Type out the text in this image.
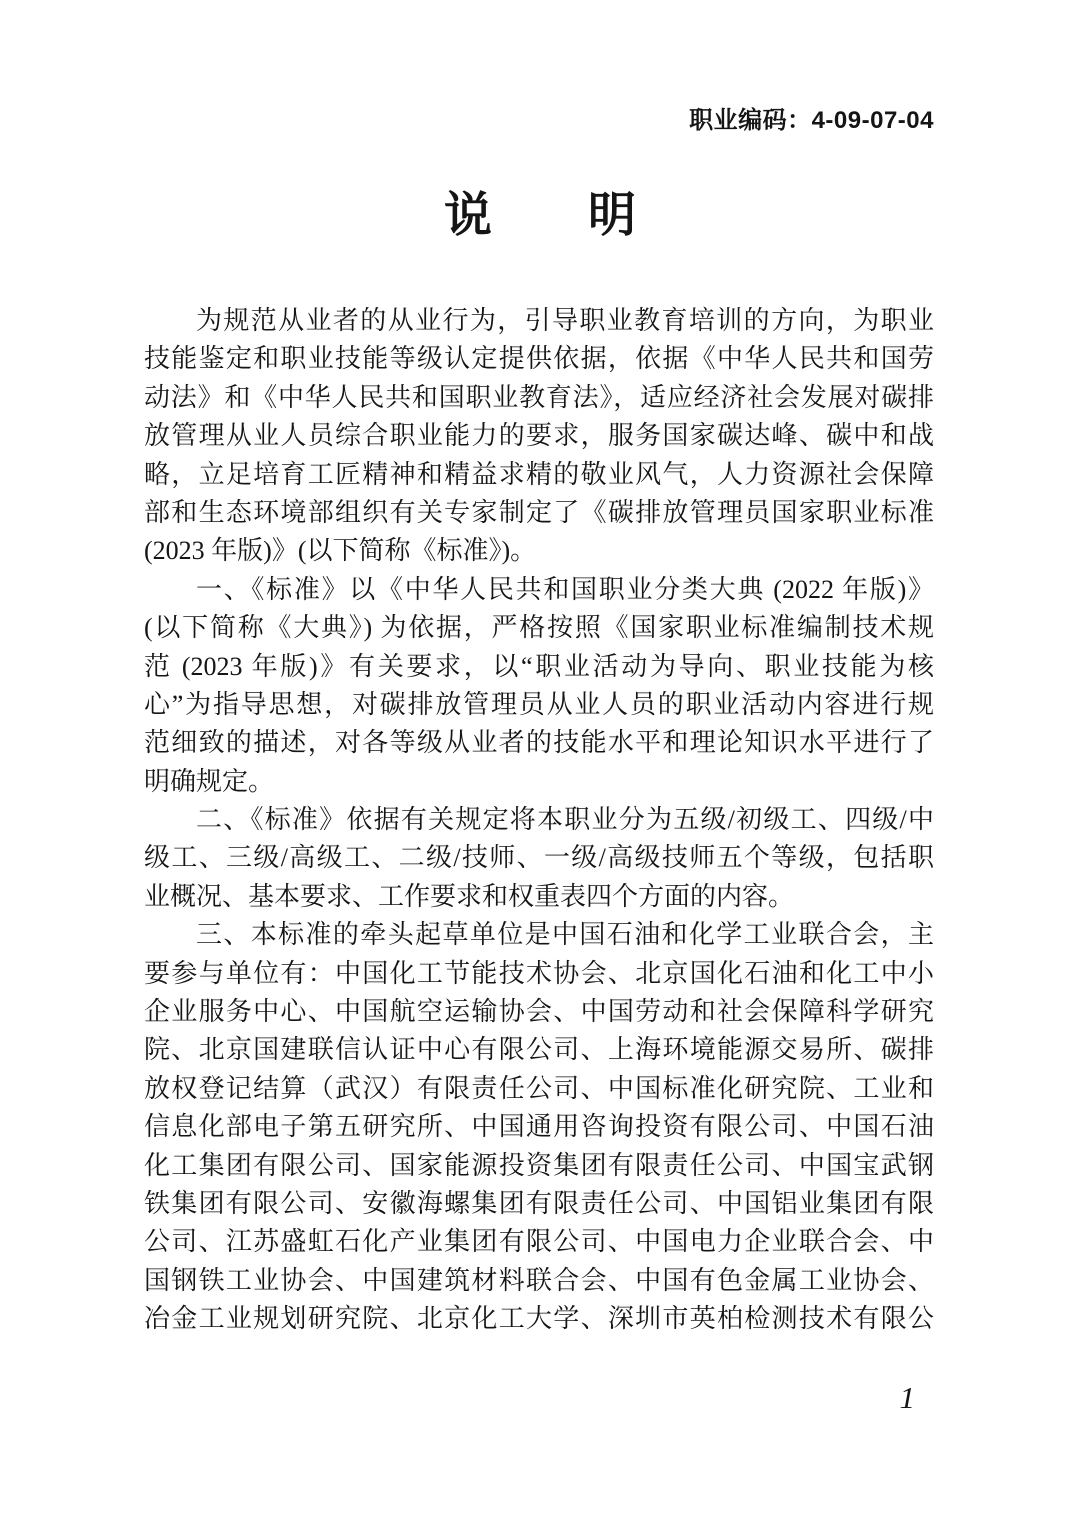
职业编码：4-09-07-04
说　　明
为规范从业者的从业行为，引导职业教育培训的方向，为职业
技能鉴定和职业技能等级认定提供依据，依据《中华人民共和国劳
动法》和《中华人民共和国职业教育法》，适应经济社会发展对碳排
放管理从业人员综合职业能力的要求，服务国家碳达峰、碳中和战
略，立足培育工匠精神和精益求精的敬业风气，人力资源社会保障
部和生态环境部组织有关专家制定了《碳排放管理员国家职业标准
(2023 年版)》(以下简称《标准》)。
一、《标准》以《中华人民共和国职业分类大典 (2022 年版)》
(以下简称《大典》) 为依据，严格按照《国家职业标准编制技术规
范 (2023 年版)》有关要求，以“职业活动为导向、职业技能为核
心”为指导思想，对碳排放管理员从业人员的职业活动内容进行规
范细致的描述，对各等级从业者的技能水平和理论知识水平进行了
明确规定。
二、《标准》依据有关规定将本职业分为五级/初级工、四级/中
级工、三级/高级工、二级/技师、一级/高级技师五个等级，包括职
业概况、基本要求、工作要求和权重表四个方面的内容。
三、本标准的牵头起草单位是中国石油和化学工业联合会，主
要参与单位有：中国化工节能技术协会、北京国化石油和化工中小
企业服务中心、中国航空运输协会、中国劳动和社会保障科学研究
院、北京国建联信认证中心有限公司、上海环境能源交易所、碳排
放权登记结算（武汉）有限责任公司、中国标准化研究院、工业和
信息化部电子第五研究所、中国通用咨询投资有限公司、中国石油
化工集团有限公司、国家能源投资集团有限责任公司、中国宝武钢
铁集团有限公司、安徽海螺集团有限责任公司、中国铝业集团有限
公司、江苏盛虹石化产业集团有限公司、中国电力企业联合会、中
国钢铁工业协会、中国建筑材料联合会、中国有色金属工业协会、
冶金工业规划研究院、北京化工大学、深圳市英柏检测技术有限公
1
